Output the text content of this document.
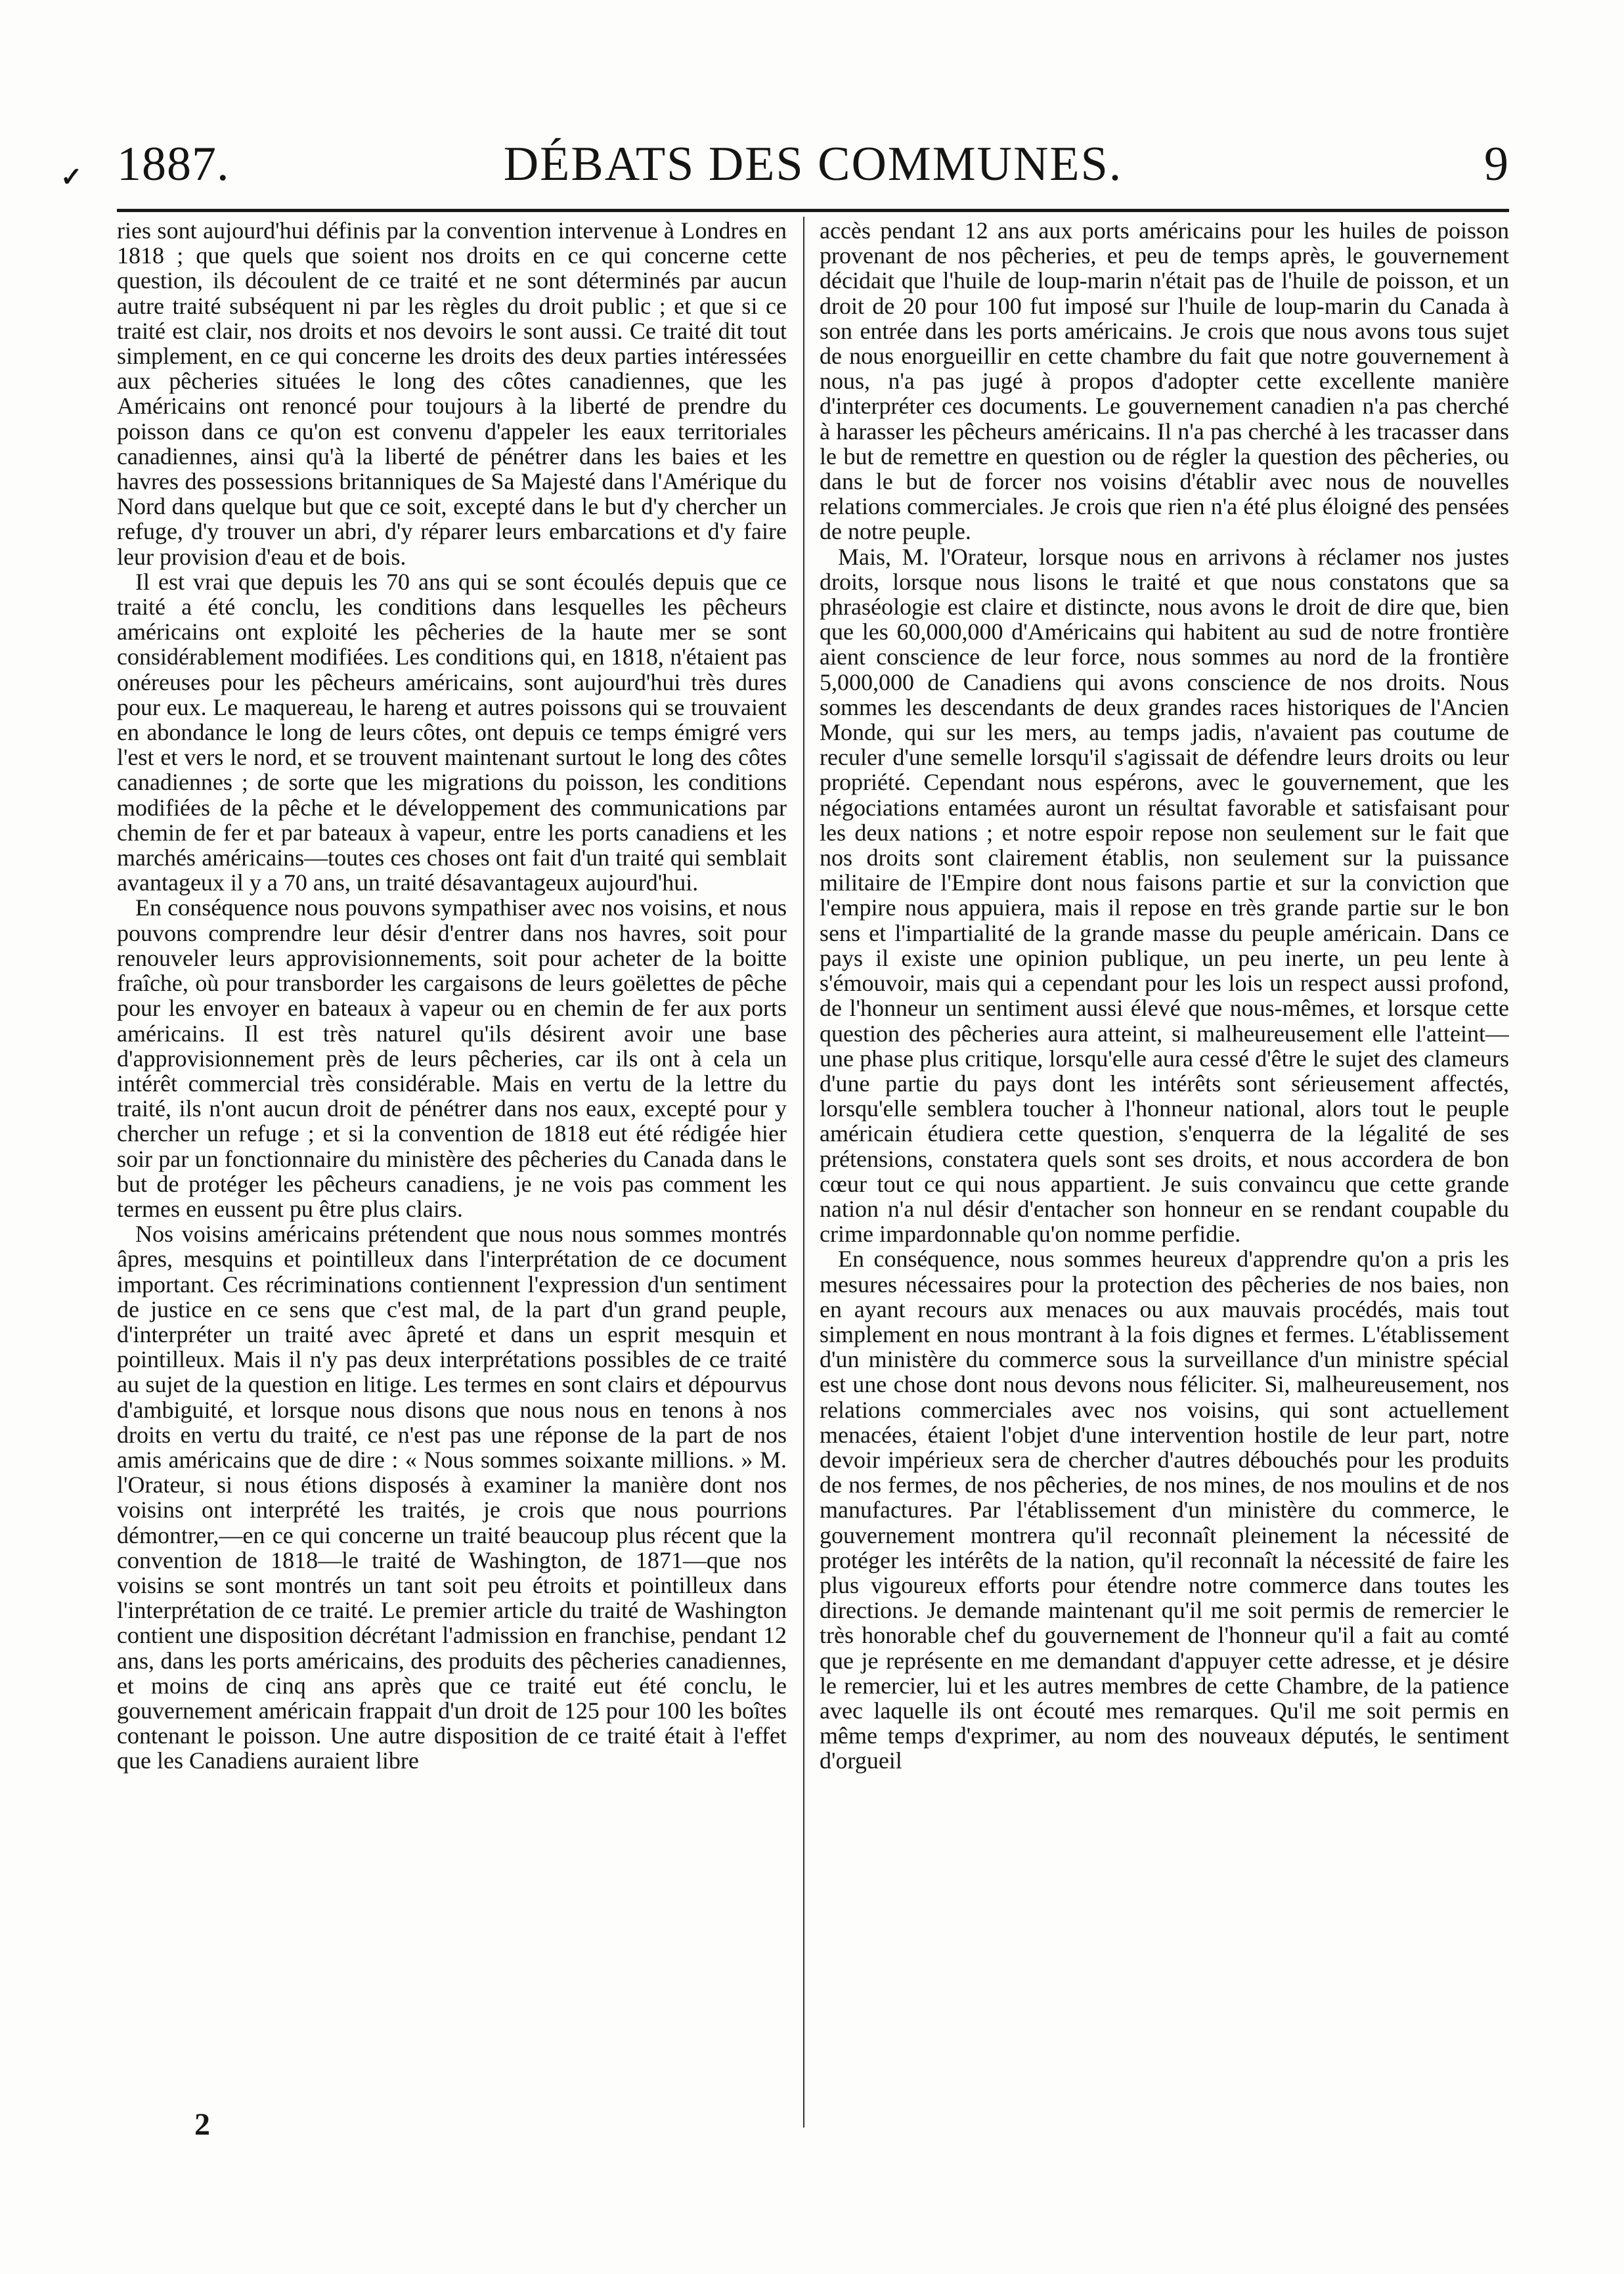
✓ 1887.	DÉBATS DES COMMUNES.	9

ries sont aujourd'hui définis par la convention intervenue à Londres en 1818 ; que quels que soient nos droits en ce qui concerne cette question, ils découlent de ce traité et ne sont déterminés par aucun autre traité subséquent ni par les règles du droit public ; et que si ce traité est clair, nos droits et nos devoirs le sont aussi. Ce traité dit tout simplement, en ce qui concerne les droits des deux parties intéressées aux pêcheries situées le long des côtes canadiennes, que les Américains ont renoncé pour toujours à la liberté de prendre du poisson dans ce qu'on est convenu d'appeler les eaux territoriales canadiennes, ainsi qu'à la liberté de pénétrer dans les baies et les havres des possessions britanniques de Sa Majesté dans l'Amérique du Nord dans quelque but que ce soit, excepté dans le but d'y chercher un refuge, d'y trouver un abri, d'y réparer leurs embarcations et d'y faire leur provision d'eau et de bois.

Il est vrai que depuis les 70 ans qui se sont écoulés depuis que ce traité a été conclu, les conditions dans lesquelles les pêcheurs américains ont exploité les pêcheries de la haute mer se sont considérablement modifiées. Les conditions qui, en 1818, n'étaient pas onéreuses pour les pêcheurs américains, sont aujourd'hui très dures pour eux. Le maquereau, le hareng et autres poissons qui se trouvaient en abondance le long de leurs côtes, ont depuis ce temps émigré vers l'est et vers le nord, et se trouvent maintenant surtout le long des côtes canadiennes ; de sorte que les migrations du poisson, les conditions modifiées de la pêche et le développement des communications par chemin de fer et par bateaux à vapeur, entre les ports canadiens et les marchés américains—toutes ces choses ont fait d'un traité qui semblait avantageux il y a 70 ans, un traité désavantageux aujourd'hui.

En conséquence nous pouvons sympathiser avec nos voisins, et nous pouvons comprendre leur désir d'entrer dans nos havres, soit pour renouveler leurs approvisionnements, soit pour acheter de la boitte fraîche, où pour transborder les cargaisons de leurs goëlettes de pêche pour les envoyer en bateaux à vapeur ou en chemin de fer aux ports américains. Il est très naturel qu'ils désirent avoir une base d'approvisionnement près de leurs pêcheries, car ils ont à cela un intérêt commercial très considérable. Mais en vertu de la lettre du traité, ils n'ont aucun droit de pénétrer dans nos eaux, excepté pour y chercher un refuge ; et si la convention de 1818 eut été rédigée hier soir par un fonctionnaire du ministère des pêcheries du Canada dans le but de protéger les pêcheurs canadiens, je ne vois pas comment les termes en eussent pu être plus clairs.

Nos voisins américains prétendent que nous nous sommes montrés âpres, mesquins et pointilleux dans l'interprétation de ce document important. Ces récriminations contiennent l'expression d'un sentiment de justice en ce sens que c'est mal, de la part d'un grand peuple, d'interpréter un traité avec âpreté et dans un esprit mesquin et pointilleux. Mais il n'y pas deux interprétations possibles de ce traité au sujet de la question en litige. Les termes en sont clairs et dépourvus d'ambiguité, et lorsque nous disons que nous nous en tenons à nos droits en vertu du traité, ce n'est pas une réponse de la part de nos amis américains que de dire : « Nous sommes soixante millions. » M. l'Orateur, si nous étions disposés à examiner la manière dont nos voisins ont interprété les traités, je crois que nous pourrions démontrer,—en ce qui concerne un traité beaucoup plus récent que la convention de 1818—le traité de Washington, de 1871—que nos voisins se sont montrés un tant soit peu étroits et pointilleux dans l'interprétation de ce traité. Le premier article du traité de Washington contient une disposition décrétant l'admission en franchise, pendant 12 ans, dans les ports américains, des produits des pêcheries canadiennes, et moins de cinq ans après que ce traité eut été conclu, le gouvernement américain frappait d'un droit de 125 pour 100 les boîtes contenant le poisson. Une autre disposition de ce traité était à l'effet que les Canadiens auraient libre

accès pendant 12 ans aux ports américains pour les huiles de poisson provenant de nos pêcheries, et peu de temps après, le gouvernement décidait que l'huile de loup-marin n'était pas de l'huile de poisson, et un droit de 20 pour 100 fut imposé sur l'huile de loup-marin du Canada à son entrée dans les ports américains. Je crois que nous avons tous sujet de nous enorgueillir en cette chambre du fait que notre gouvernement à nous, n'a pas jugé à propos d'adopter cette excellente manière d'interpréter ces documents. Le gouvernement canadien n'a pas cherché à harasser les pêcheurs américains. Il n'a pas cherché à les tracasser dans le but de remettre en question ou de régler la question des pêcheries, ou dans le but de forcer nos voisins d'établir avec nous de nouvelles relations commerciales. Je crois que rien n'a été plus éloigné des pensées de notre peuple.

Mais, M. l'Orateur, lorsque nous en arrivons à réclamer nos justes droits, lorsque nous lisons le traité et que nous constatons que sa phraséologie est claire et distincte, nous avons le droit de dire que, bien que les 60,000,000 d'Américains qui habitent au sud de notre frontière aient conscience de leur force, nous sommes au nord de la frontière 5,000,000 de Canadiens qui avons conscience de nos droits. Nous sommes les descendants de deux grandes races historiques de l'Ancien Monde, qui sur les mers, au temps jadis, n'avaient pas coutume de reculer d'une semelle lorsqu'il s'agissait de défendre leurs droits ou leur propriété. Cependant nous espérons, avec le gouvernement, que les négociations entamées auront un résultat favorable et satisfaisant pour les deux nations ; et notre espoir repose non seulement sur le fait que nos droits sont clairement établis, non seulement sur la puissance militaire de l'Empire dont nous faisons partie et sur la conviction que l'empire nous appuiera, mais il repose en très grande partie sur le bon sens et l'impartialité de la grande masse du peuple américain. Dans ce pays il existe une opinion publique, un peu inerte, un peu lente à s'émouvoir, mais qui a cependant pour les lois un respect aussi profond, de l'honneur un sentiment aussi élevé que nous-mêmes, et lorsque cette question des pêcheries aura atteint, si malheureusement elle l'atteint—une phase plus critique, lorsqu'elle aura cessé d'être le sujet des clameurs d'une partie du pays dont les intérêts sont sérieusement affectés, lorsqu'elle semblera toucher à l'honneur national, alors tout le peuple américain étudiera cette question, s'enquerra de la légalité de ses prétensions, constatera quels sont ses droits, et nous accordera de bon cœur tout ce qui nous appartient. Je suis convaincu que cette grande nation n'a nul désir d'entacher son honneur en se rendant coupable du crime impardonnable qu'on nomme perfidie.

En conséquence, nous sommes heureux d'apprendre qu'on a pris les mesures nécessaires pour la protection des pêcheries de nos baies, non en ayant recours aux menaces ou aux mauvais procédés, mais tout simplement en nous montrant à la fois dignes et fermes. L'établissement d'un ministère du commerce sous la surveillance d'un ministre spécial est une chose dont nous devons nous féliciter. Si, malheureusement, nos relations commerciales avec nos voisins, qui sont actuellement menacées, étaient l'objet d'une intervention hostile de leur part, notre devoir impérieux sera de chercher d'autres débouchés pour les produits de nos fermes, de nos pêcheries, de nos mines, de nos moulins et de nos manufactures. Par l'établissement d'un ministère du commerce, le gouvernement montrera qu'il reconnaît pleinement la nécessité de protéger les intérêts de la nation, qu'il reconnaît la nécessité de faire les plus vigoureux efforts pour étendre notre commerce dans toutes les directions. Je demande maintenant qu'il me soit permis de remercier le très honorable chef du gouvernement de l'honneur qu'il a fait au comté que je représente en me demandant d'appuyer cette adresse, et je désire le remercier, lui et les autres membres de cette Chambre, de la patience avec laquelle ils ont écouté mes remarques. Qu'il me soit permis en même temps d'exprimer, au nom des nouveaux députés, le sentiment d'orgueil

2
